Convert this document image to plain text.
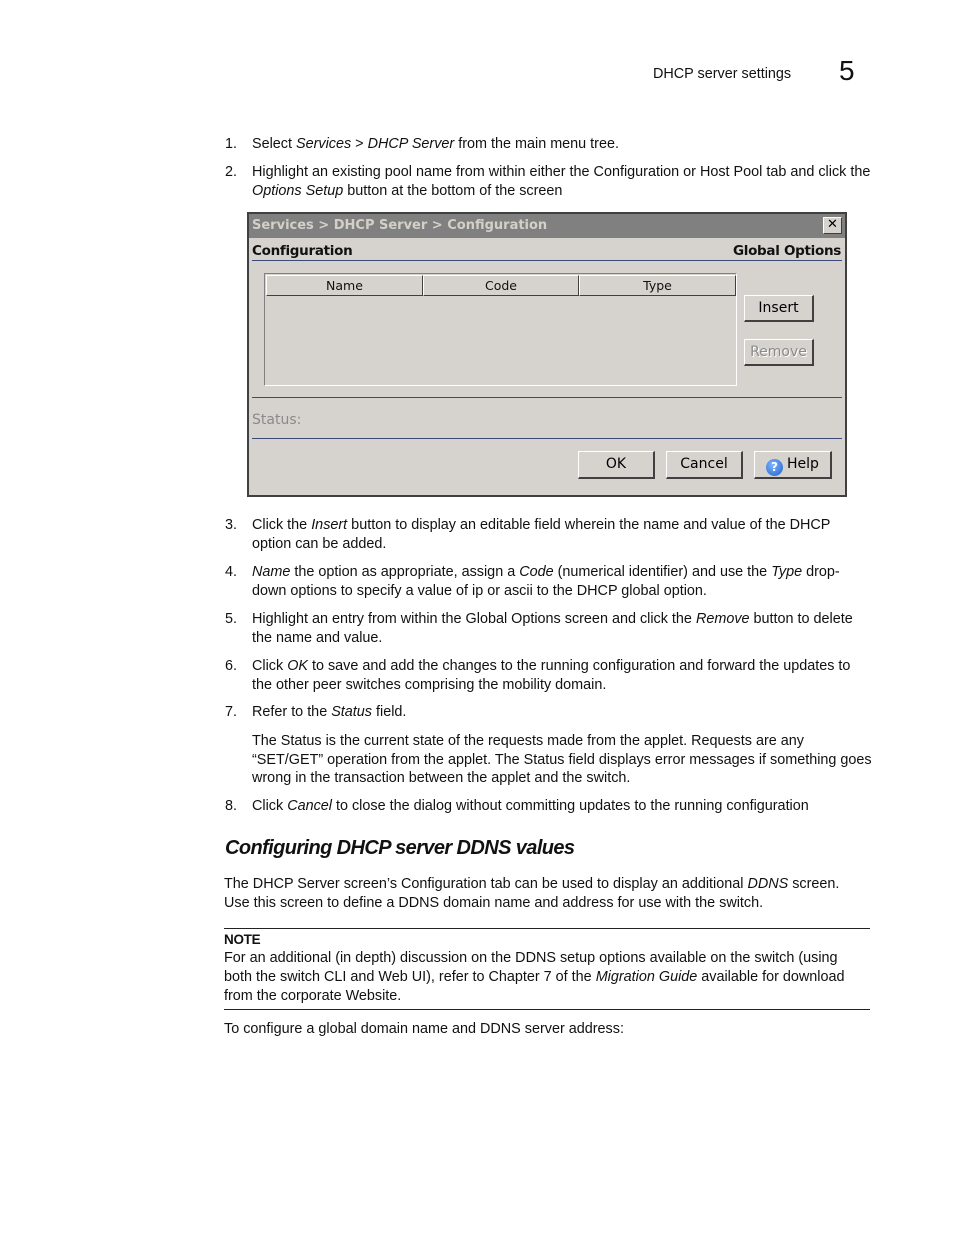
DHCP server settings 5
1. Select Services > DHCP Server from the main menu tree.
2. Highlight an existing pool name from within either the Configuration or Host Pool tab and click the Options Setup button at the bottom of the screen
Services > DHCP Server > Configuration	✕
Configuration	Global Options
Name	Code	Type
Insert
Remove
Status:
OK	Cancel	? Help
3. Click the Insert button to display an editable field wherein the name and value of the DHCP option can be added.
4. Name the option as appropriate, assign a Code (numerical identifier) and use the Type drop-down options to specify a value of ip or ascii to the DHCP global option.
5. Highlight an entry from within the Global Options screen and click the Remove button to delete the name and value.
6. Click OK to save and add the changes to the running configuration and forward the updates to the other peer switches comprising the mobility domain.
7. Refer to the Status field.
The Status is the current state of the requests made from the applet. Requests are any “SET/GET” operation from the applet. The Status field displays error messages if something goes wrong in the transaction between the applet and the switch.
8. Click Cancel to close the dialog without committing updates to the running configuration
Configuring DHCP server DDNS values
The DHCP Server screen’s Configuration tab can be used to display an additional DDNS screen. Use this screen to define a DDNS domain name and address for use with the switch.
NOTE
For an additional (in depth) discussion on the DDNS setup options available on the switch (using both the switch CLI and Web UI), refer to Chapter 7 of the Migration Guide available for download from the corporate Website.
To configure a global domain name and DDNS server address:
